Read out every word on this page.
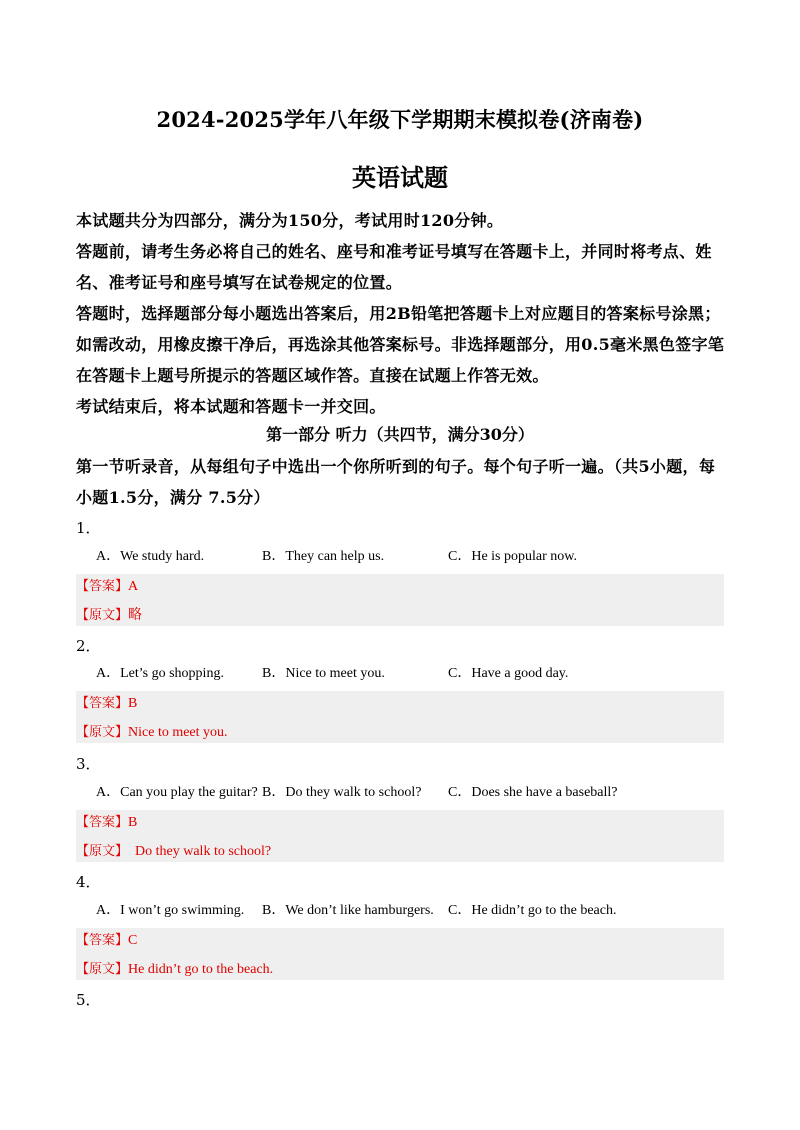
2024-2025学年八年级下学期期末模拟卷(济南卷)
英语试题
本试题共分为四部分，满分为150分，考试用时120分钟。
答题前，请考生务必将自己的姓名、座号和准考证号填写在答题卡上，并同时将考点、姓名、准考证号和座号填写在试卷规定的位置。
答题时，选择题部分每小题选出答案后，用2B铅笔把答题卡上对应题目的答案标号涂黑；如需改动，用橡皮擦干净后，再选涂其他答案标号。非选择题部分，用0.5毫米黑色签字笔在答题卡上题号所提示的答题区域作答。直接在试题上作答无效。
考试结束后，将本试题和答题卡一并交回。
第一部分 听力（共四节，满分30分）
第一节听录音，从每组句子中选出一个你所听到的句子。每个句子听一遍。（共5小题，每小题1.5分，满分 7.5分）
1．
A．We study hard.	B．They can help us.	C．He is popular now.
【答案】A
【原文】略
2．
A．Let’s go shopping.	B．Nice to meet you.	C．Have a good day.
【答案】B
【原文】Nice to meet you.
3．
A．Can you play the guitar? B．Do they walk to school? C．Does she have a baseball?
【答案】B
【原文】  Do they walk to school?
4．
A．I won’t go swimming. B．We don’t like hamburgers. C．He didn’t go to the beach.
【答案】C
【原文】He didn’t go to the beach.
5．
